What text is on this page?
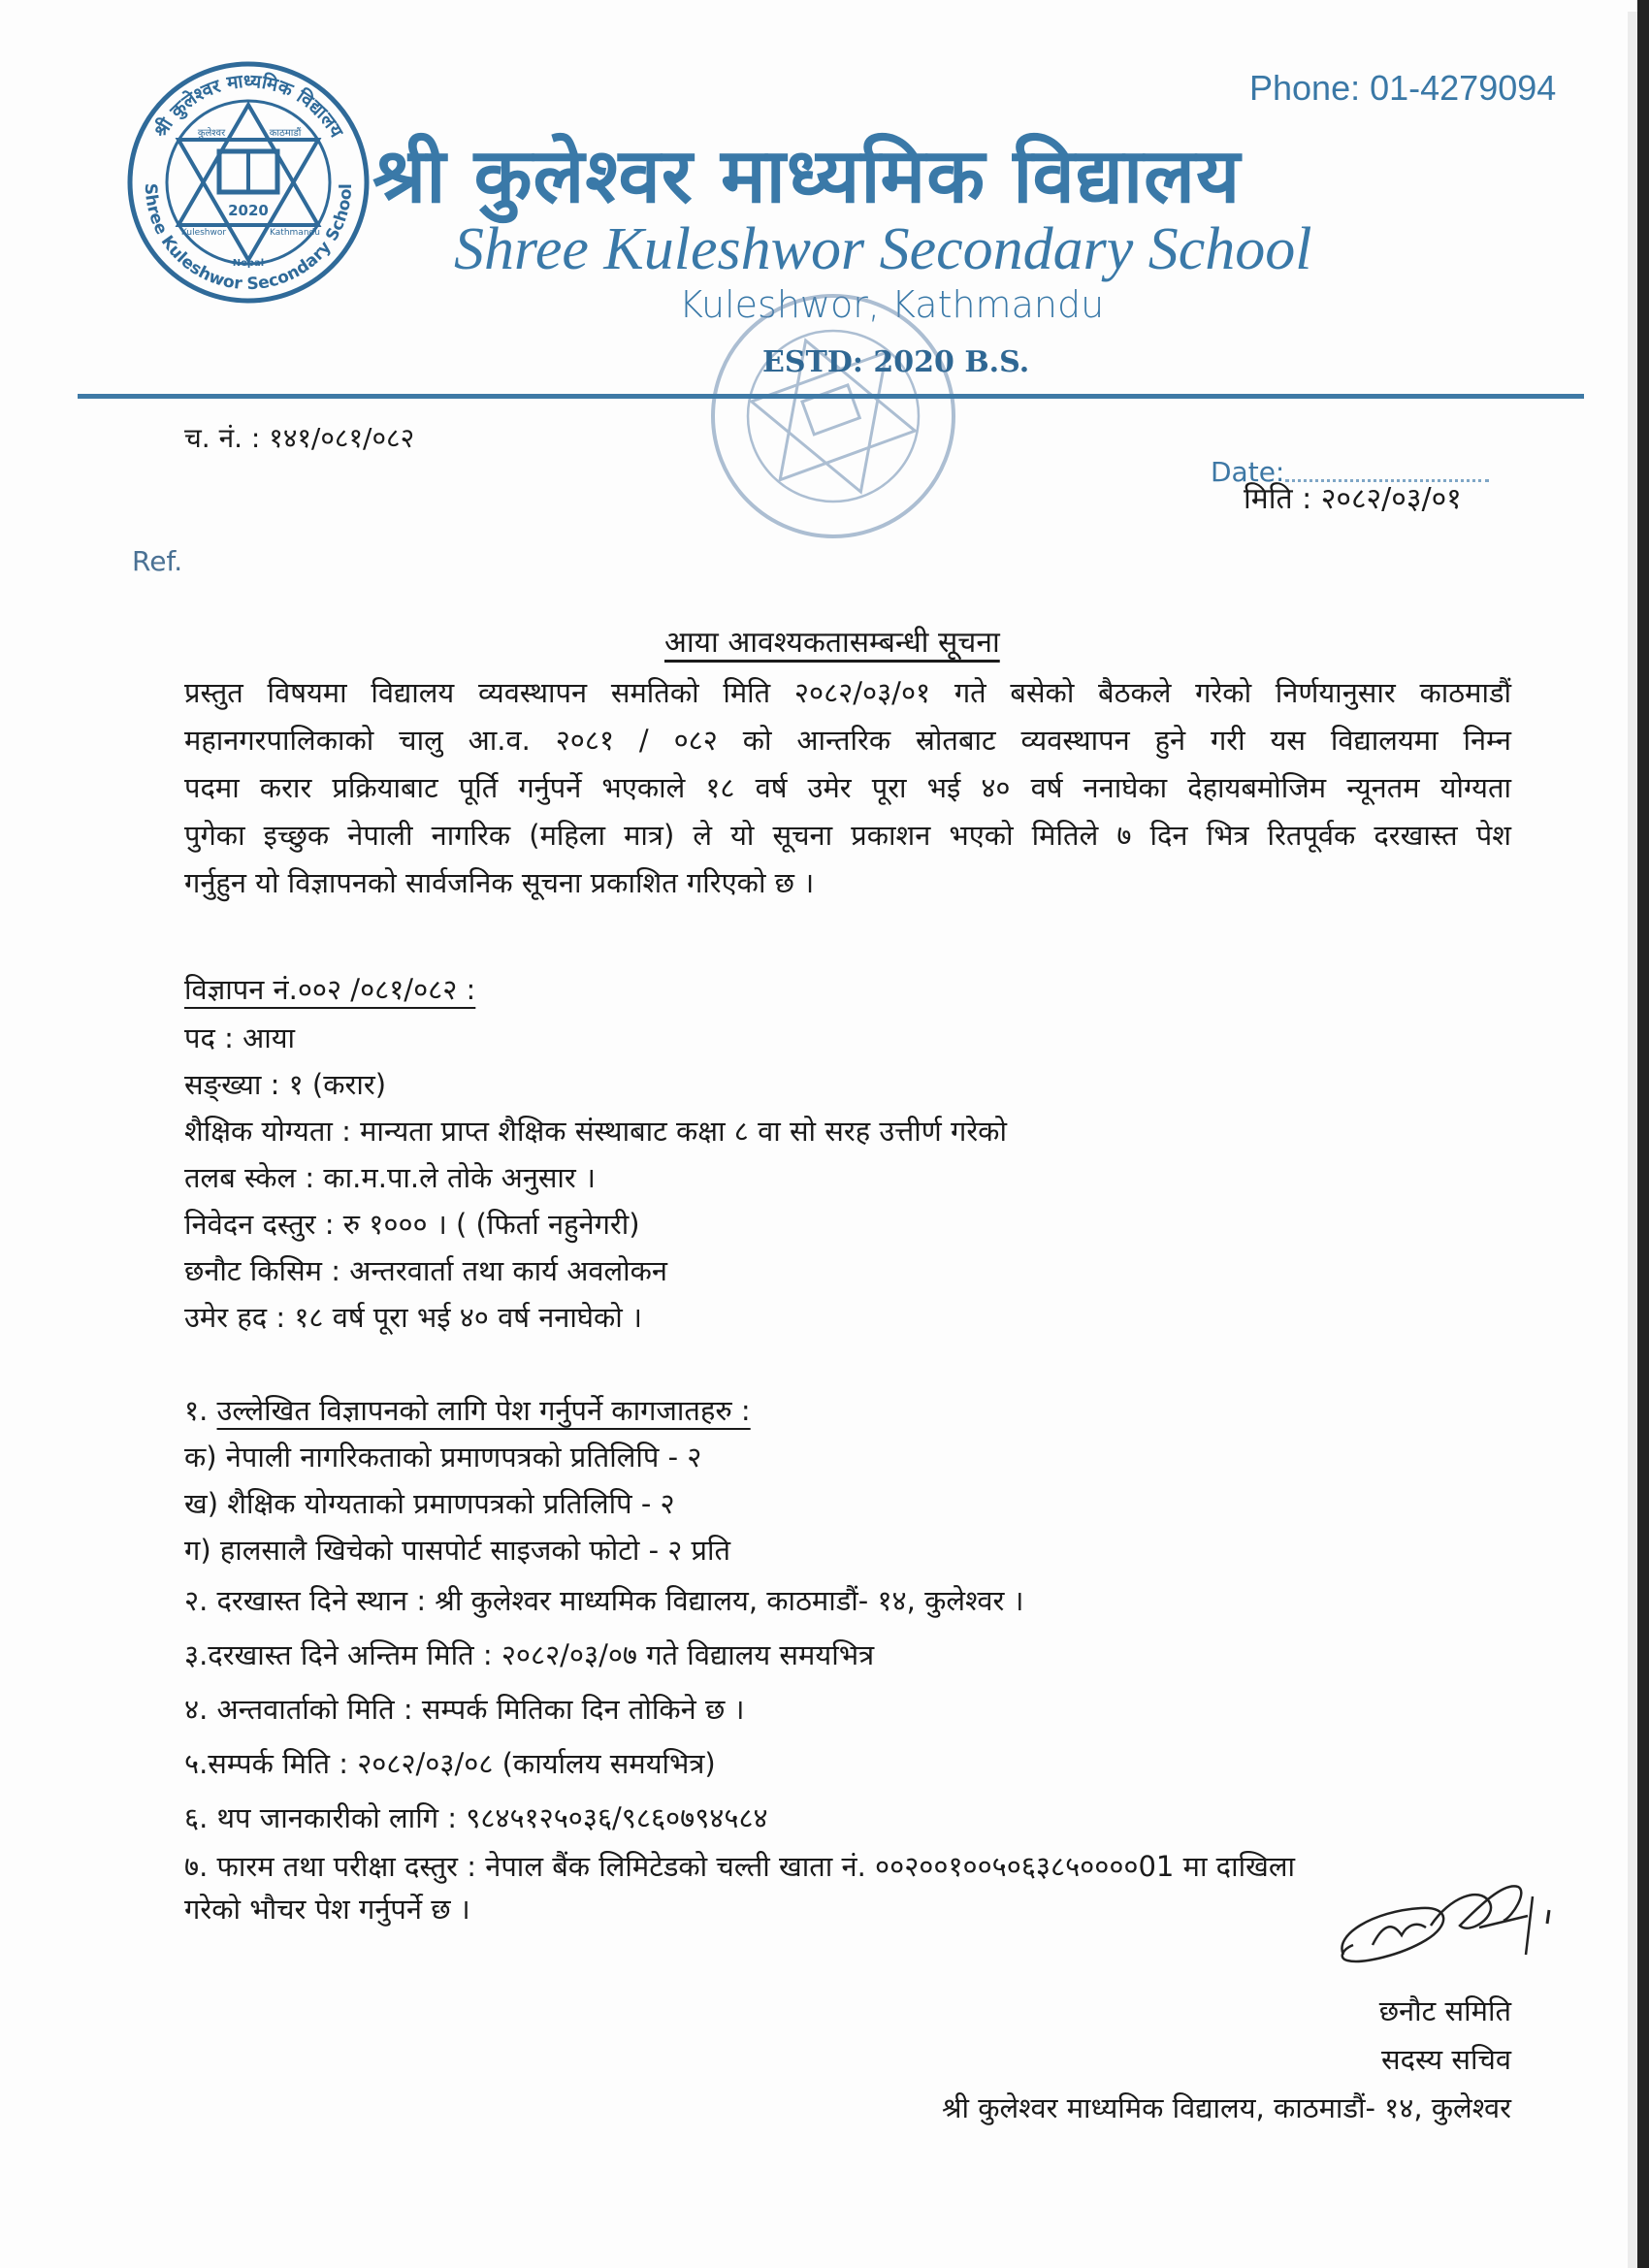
श्री कुलेश्वर माध्यमिक विद्यालय
Shree Kuleshwor Secondary School
कुलेश्वर	काठमाडौं
2020
Kuleshwor	Kathmandu
Nepal
Phone: 01-4279094
श्री कुलेश्वर माध्यमिक विद्यालय
Shree Kuleshwor Secondary School
Kuleshwor, Kathmandu
ESTD: 2020 B.S.
च. नं. : १४१/०८१/०८२
Date:
मिति : २०८२/०३/०१
Ref.
आया आवश्यकतासम्बन्धी सूचना
प्रस्तुत विषयमा विद्यालय व्यवस्थापन समतिको मिति २०८२/०३/०१ गते बसेको बैठकले गरेको निर्णयानुसार काठमाडौं
महानगरपालिकाको चालु आ.व. २०८१ / ०८२ को आन्तरिक स्रोतबाट व्यवस्थापन हुने गरी यस विद्यालयमा निम्न
पदमा करार प्रक्रियाबाट पूर्ति गर्नुपर्ने भएकाले १८ वर्ष उमेर पूरा भई ४० वर्ष ननाघेका देहायबमोजिम न्यूनतम योग्यता
पुगेका इच्छुक नेपाली नागरिक (महिला मात्र) ले यो सूचना प्रकाशन भएको मितिले ७ दिन भित्र रितपूर्वक दरखास्त पेश
गर्नुहुन यो विज्ञापनको सार्वजनिक सूचना प्रकाशित गरिएको छ ।
विज्ञापन नं.००२ /०८१/०८२ :
पद : आया
सङ्ख्या : १ (करार)
शैक्षिक योग्यता : मान्यता प्राप्त शैक्षिक संस्थाबाट कक्षा ८ वा सो सरह उत्तीर्ण गरेको
तलब स्केल : का.म.पा.ले तोके अनुसार ।
निवेदन दस्तुर : रु १००० । ( (फिर्ता नहुनेगरी)
छनौट किसिम : अन्तरवार्ता तथा कार्य अवलोकन
उमेर हद : १८ वर्ष पूरा भई ४० वर्ष ननाघेको ।
१. उल्लेखित विज्ञापनको लागि पेश गर्नुपर्ने कागजातहरु :
क) नेपाली नागरिकताको प्रमाणपत्रको प्रतिलिपि - २
ख) शैक्षिक योग्यताको प्रमाणपत्रको प्रतिलिपि - २
ग) हालसालै खिचेको पासपोर्ट साइजको फोटो - २ प्रति
२. दरखास्त दिने स्थान : श्री कुलेश्वर माध्यमिक विद्यालय, काठमाडौं- १४, कुलेश्वर ।
३.दरखास्त दिने अन्तिम मिति : २०८२/०३/०७ गते विद्यालय समयभित्र
४. अन्तवार्ताको मिति : सम्पर्क मितिका दिन तोकिने छ ।
५.सम्पर्क मिति : २०८२/०३/०८ (कार्यालय समयभित्र)
६. थप जानकारीको लागि : ९८४५१२५०३६/९८६०७९४५८४
७. फारम तथा परीक्षा दस्तुर : नेपाल बैंक लिमिटेडको चल्ती खाता नं. ००२००१००५०६३८५००००01 मा दाखिला
गरेको भौचर पेश गर्नुपर्ने छ ।
छनौट समिति
सदस्य सचिव
श्री कुलेश्वर माध्यमिक विद्यालय, काठमाडौं- १४, कुलेश्वर
